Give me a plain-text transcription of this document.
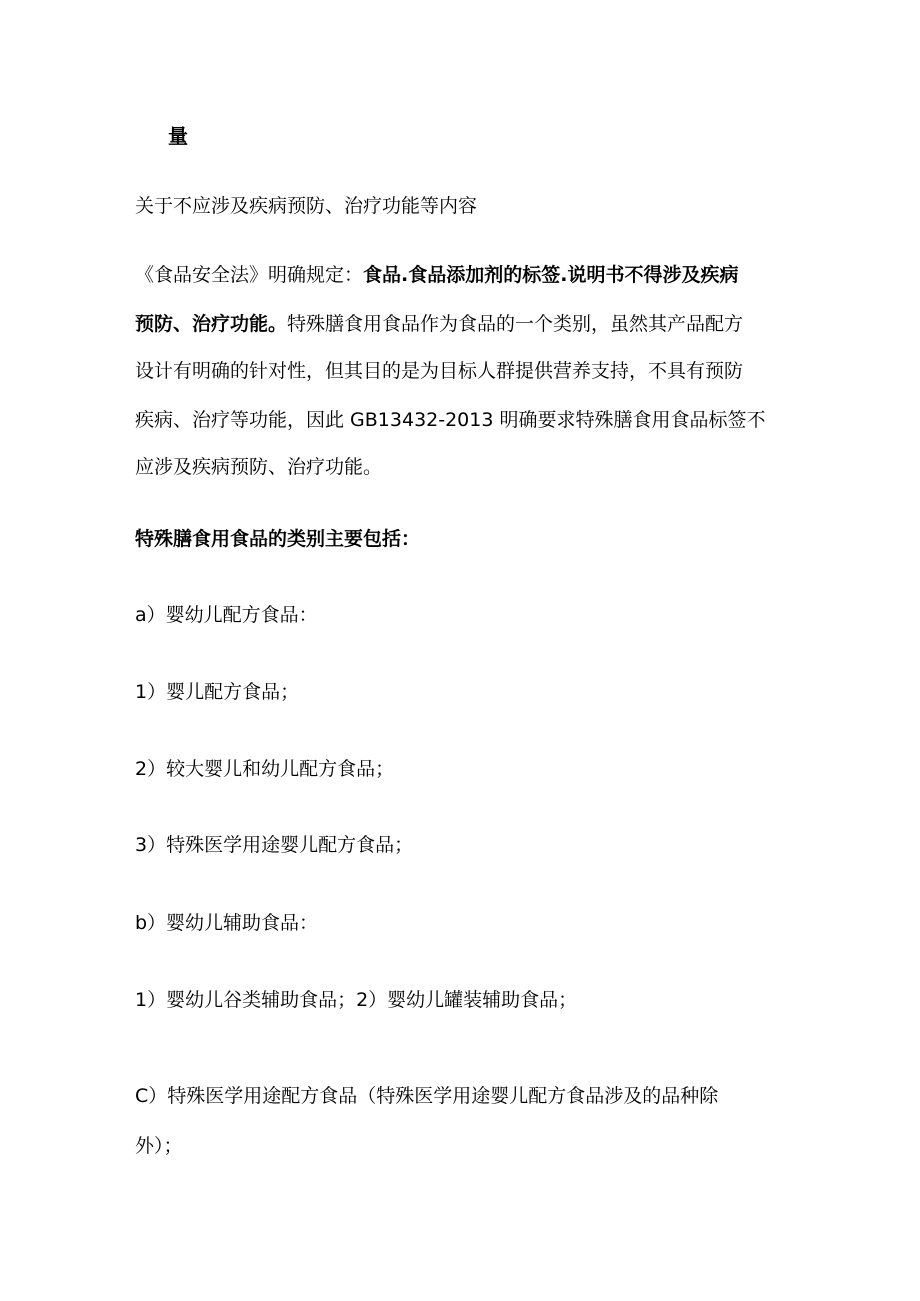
量
关于不应涉及疾病预防、治疗功能等内容
《食品安全法》明确规定：食品.食品添加剂的标签.说明书不得涉及疾病
预防、治疗功能。特殊膳食用食品作为食品的一个类别，虽然其产品配方
设计有明确的针对性，但其目的是为目标人群提供营养支持，不具有预防
疾病、治疗等功能，因此 GB13432-2013 明确要求特殊膳食用食品标签不
应涉及疾病预防、治疗功能。
特殊膳食用食品的类别主要包括：
a）婴幼儿配方食品：
1）婴儿配方食品；
2）较大婴儿和幼儿配方食品；
3）特殊医学用途婴儿配方食品；
b）婴幼儿辅助食品：
1）婴幼儿谷类辅助食品；2）婴幼儿罐装辅助食品；
C）特殊医学用途配方食品（特殊医学用途婴儿配方食品涉及的品种除
外）；
